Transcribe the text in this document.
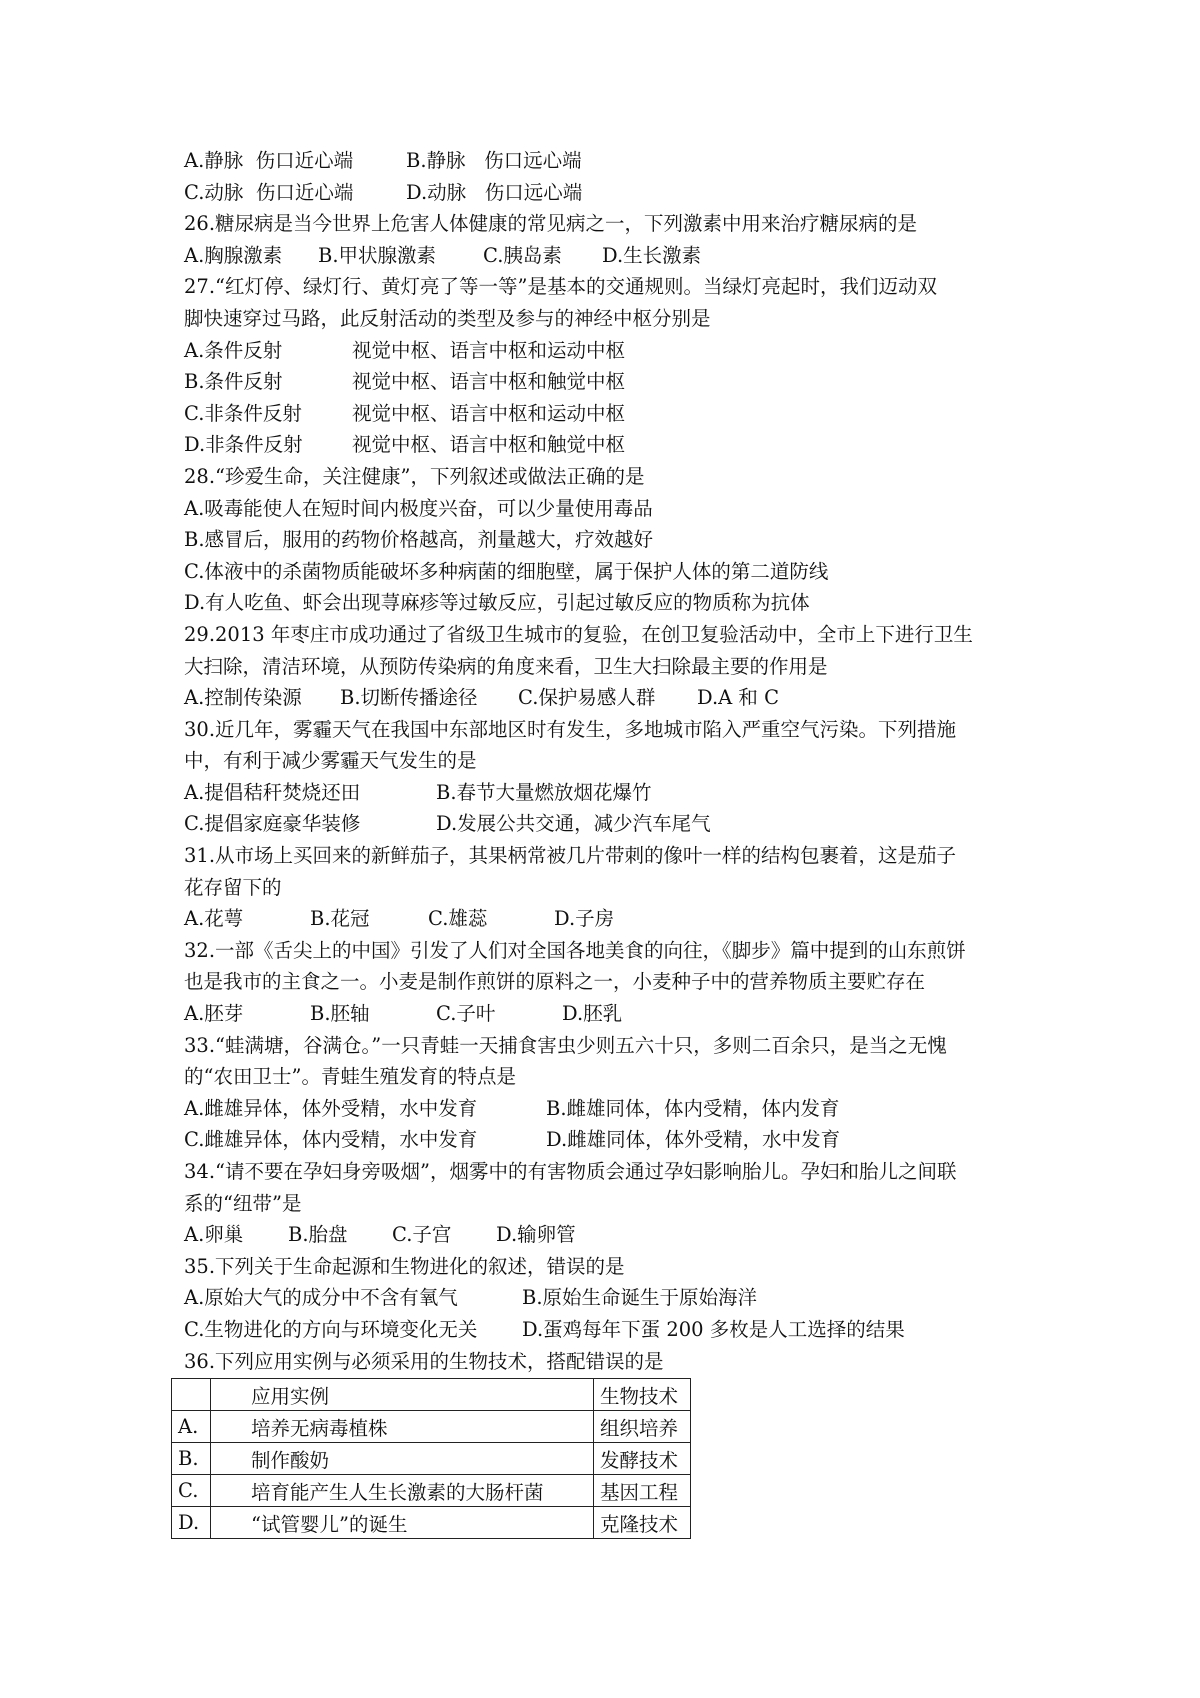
A.静脉  伤口近心端	B.静脉   伤口远心端
C.动脉  伤口近心端	D.动脉   伤口远心端
26.糖尿病是当今世界上危害人体健康的常见病之一，下列激素中用来治疗糖尿病的是
A.胸腺激素	B.甲状腺激素	C.胰岛素	D.生长激素
27.“红灯停、绿灯行、黄灯亮了等一等”是基本的交通规则。当绿灯亮起时，我们迈动双
脚快速穿过马路，此反射活动的类型及参与的神经中枢分别是
A.条件反射	视觉中枢、语言中枢和运动中枢
B.条件反射	视觉中枢、语言中枢和触觉中枢
C.非条件反射	视觉中枢、语言中枢和运动中枢
D.非条件反射	视觉中枢、语言中枢和触觉中枢
28.“珍爱生命，关注健康”，下列叙述或做法正确的是
A.吸毒能使人在短时间内极度兴奋，可以少量使用毒品
B.感冒后，服用的药物价格越高，剂量越大，疗效越好
C.体液中的杀菌物质能破坏多种病菌的细胞壁，属于保护人体的第二道防线
D.有人吃鱼、虾会出现荨麻疹等过敏反应，引起过敏反应的物质称为抗体
29.2013 年枣庄市成功通过了省级卫生城市的复验，在创卫复验活动中，全市上下进行卫生
大扫除，清洁环境，从预防传染病的角度来看，卫生大扫除最主要的作用是
A.控制传染源	B.切断传播途径	C.保护易感人群	D.A 和 C
30.近几年，雾霾天气在我国中东部地区时有发生，多地城市陷入严重空气污染。下列措施
中，有利于减少雾霾天气发生的是
A.提倡秸秆焚烧还田	B.春节大量燃放烟花爆竹
C.提倡家庭豪华装修	D.发展公共交通，减少汽车尾气
31.从市场上买回来的新鲜茄子，其果柄常被几片带刺的像叶一样的结构包裹着，这是茄子
花存留下的
A.花萼	B.花冠	C.雄蕊	D.子房
32.一部《舌尖上的中国》引发了人们对全国各地美食的向往，《脚步》篇中提到的山东煎饼
也是我市的主食之一。小麦是制作煎饼的原料之一，小麦种子中的营养物质主要贮存在
A.胚芽	B.胚轴	C.子叶	D.胚乳
33.“蛙满塘，谷满仓。”一只青蛙一天捕食害虫少则五六十只，多则二百余只，是当之无愧
的“农田卫士”。青蛙生殖发育的特点是
A.雌雄异体，体外受精，水中发育	B.雌雄同体，体内受精，体内发育
C.雌雄异体，体内受精，水中发育	D.雌雄同体，体外受精，水中发育
34.“请不要在孕妇身旁吸烟”，烟雾中的有害物质会通过孕妇影响胎儿。孕妇和胎儿之间联
系的“纽带”是
A.卵巢	B.胎盘	C.子宫	D.输卵管
35.下列关于生命起源和生物进化的叙述，错误的是
A.原始大气的成分中不含有氧气	B.原始生命诞生于原始海洋
C.生物进化的方向与环境变化无关	D.蛋鸡每年下蛋 200 多枚是人工选择的结果
36.下列应用实例与必须采用的生物技术，搭配错误的是
	应用实例	生物技术
A.	培养无病毒植株	组织培养
B.	制作酸奶	发酵技术
C.	培育能产生人生长激素的大肠杆菌	基因工程
D.	“试管婴儿”的诞生	克隆技术
